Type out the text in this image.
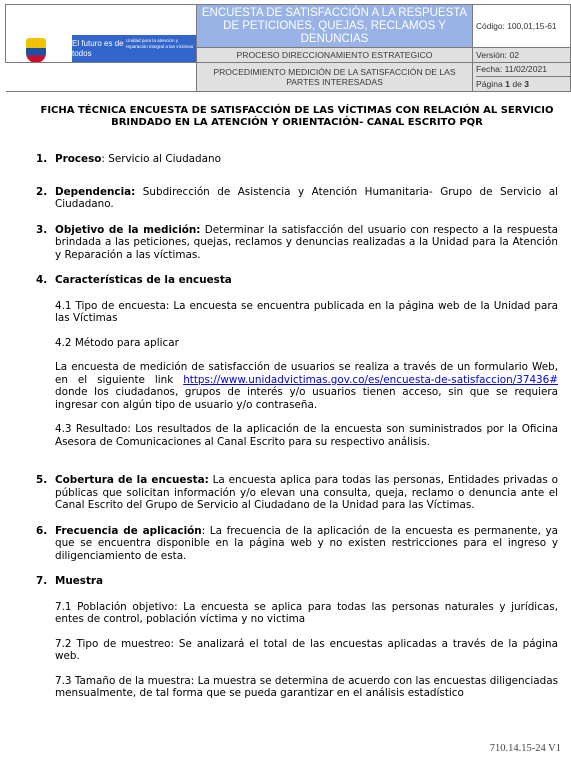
El futuro es de todos
Unidad para la atención y reparación integral a las víctimas	ENCUESTA DE SATISFACCIÓN A LA RESPUESTA DE PETICIONES, QUEJAS, RECLAMOS Y DENUNCIAS	Código: 100,01,15-61
	PROCESO DIRECCIONAMIENTO ESTRATEGICO	Versión: 02
	PROCEDIMIENTO MEDICIÓN DE LA SATISFACCIÓN DE LAS PARTES INTERESADAS	Fecha: 11/02/2021
Página 1 de 3
FICHA TÉCNICA ENCUESTA DE SATISFACCIÓN DE LAS VÍCTIMAS CON RELACIÓN AL SERVICIO BRINDADO EN LA ATENCIÓN Y ORIENTACIÓN- CANAL ESCRITO PQR
1. Proceso: Servicio al Ciudadano
2. Dependencia: Subdirección de Asistencia y Atención Humanitaria- Grupo de Servicio al Ciudadano.
3. Objetivo de la medición: Determinar la satisfacción del usuario con respecto a la respuesta brindada a las peticiones, quejas, reclamos y denuncias realizadas a la Unidad para la Atención y Reparación a las víctimas.
4. Características de la encuesta
4.1 Tipo de encuesta: La encuesta se encuentra publicada en la página web de la Unidad para las Víctimas
4.2 Método para aplicar
La encuesta de medición de satisfacción de usuarios se realiza a través de un formulario Web, en el siguiente link https://www.unidadvictimas.gov.co/es/encuesta-de-satisfaccion/37436# donde los ciudadanos, grupos de interés y/o usuarios tienen acceso, sin que se requiera ingresar con algún tipo de usuario y/o contraseña.
4.3 Resultado: Los resultados de la aplicación de la encuesta son suministrados por la Oficina Asesora de Comunicaciones al Canal Escrito para su respectivo análisis.
5. Cobertura de la encuesta: La encuesta aplica para todas las personas, Entidades privadas o públicas que solicitan información y/o elevan una consulta, queja, reclamo o denuncia ante el Canal Escrito del Grupo de Servicio al Ciudadano de la Unidad para las Víctimas.
6. Frecuencia de aplicación: La frecuencia de la aplicación de la encuesta es permanente, ya que se encuentra disponible en la página web y no existen restricciones para el ingreso y diligenciamiento de esta.
7. Muestra
7.1 Población objetivo: La encuesta se aplica para todas las personas naturales y jurídicas, entes de control, población víctima y no victima
7.2 Tipo de muestreo: Se analizará el total de las encuestas aplicadas a través de la página web.
7.3 Tamaño de la muestra: La muestra se determina de acuerdo con las encuestas diligenciadas mensualmente, de tal forma que se pueda garantizar en el análisis estadístico
710.14.15-24 V1
